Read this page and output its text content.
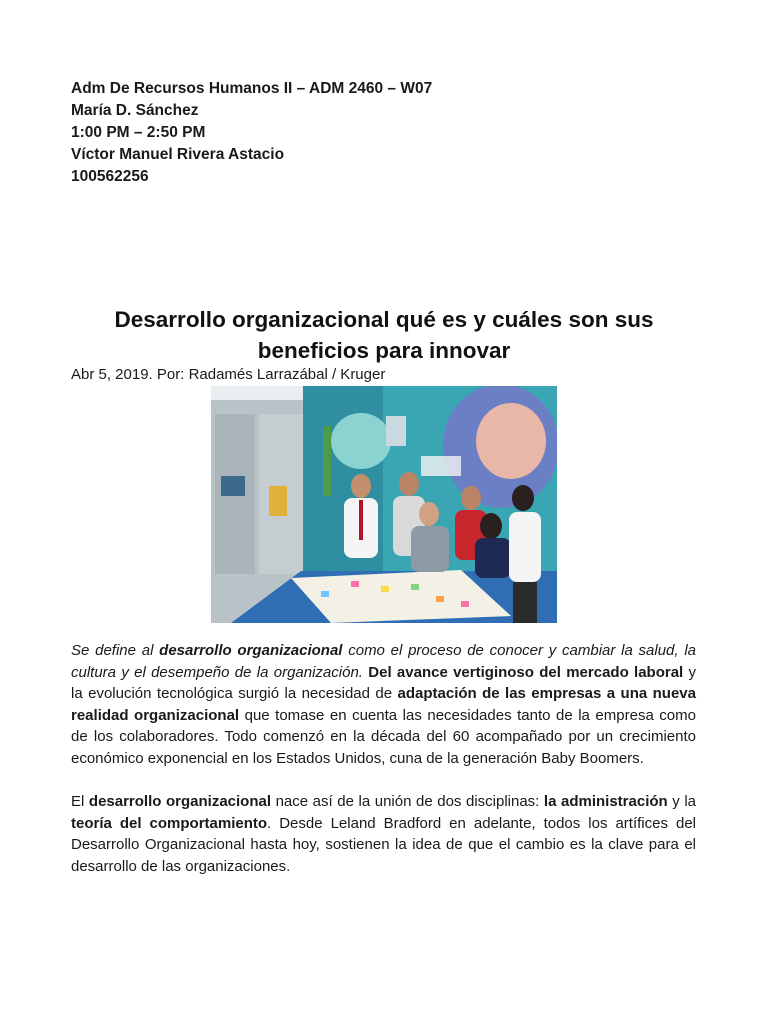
Adm De Recursos Humanos II – ADM 2460 – W07
María D. Sánchez
1:00 PM – 2:50 PM
Víctor Manuel Rivera Astacio
100562256
Desarrollo organizacional qué es y cuáles son sus beneficios para innovar
Abr 5, 2019. Por: Radamés Larrazábal / Kruger

Se define al desarrollo organizacional como el proceso de conocer y cambiar la salud, la cultura y el desempeño de la organización. Del avance vertiginoso del mercado laboral y la evolución tecnológica surgió la necesidad de adaptación de las empresas a una nueva realidad organizacional que tomase en cuenta las necesidades tanto de la empresa como de los colaboradores. Todo comenzó en la década del 60 acompañado por un crecimiento económico exponencial en los Estados Unidos, cuna de la generación Baby Boomers.

El desarrollo organizacional nace así de la unión de dos disciplinas: la administración y la teoría del comportamiento. Desde Leland Bradford en adelante, todos los artífices del Desarrollo Organizacional hasta hoy, sostienen la idea de que el cambio es la clave para el desarrollo de las organizaciones.
